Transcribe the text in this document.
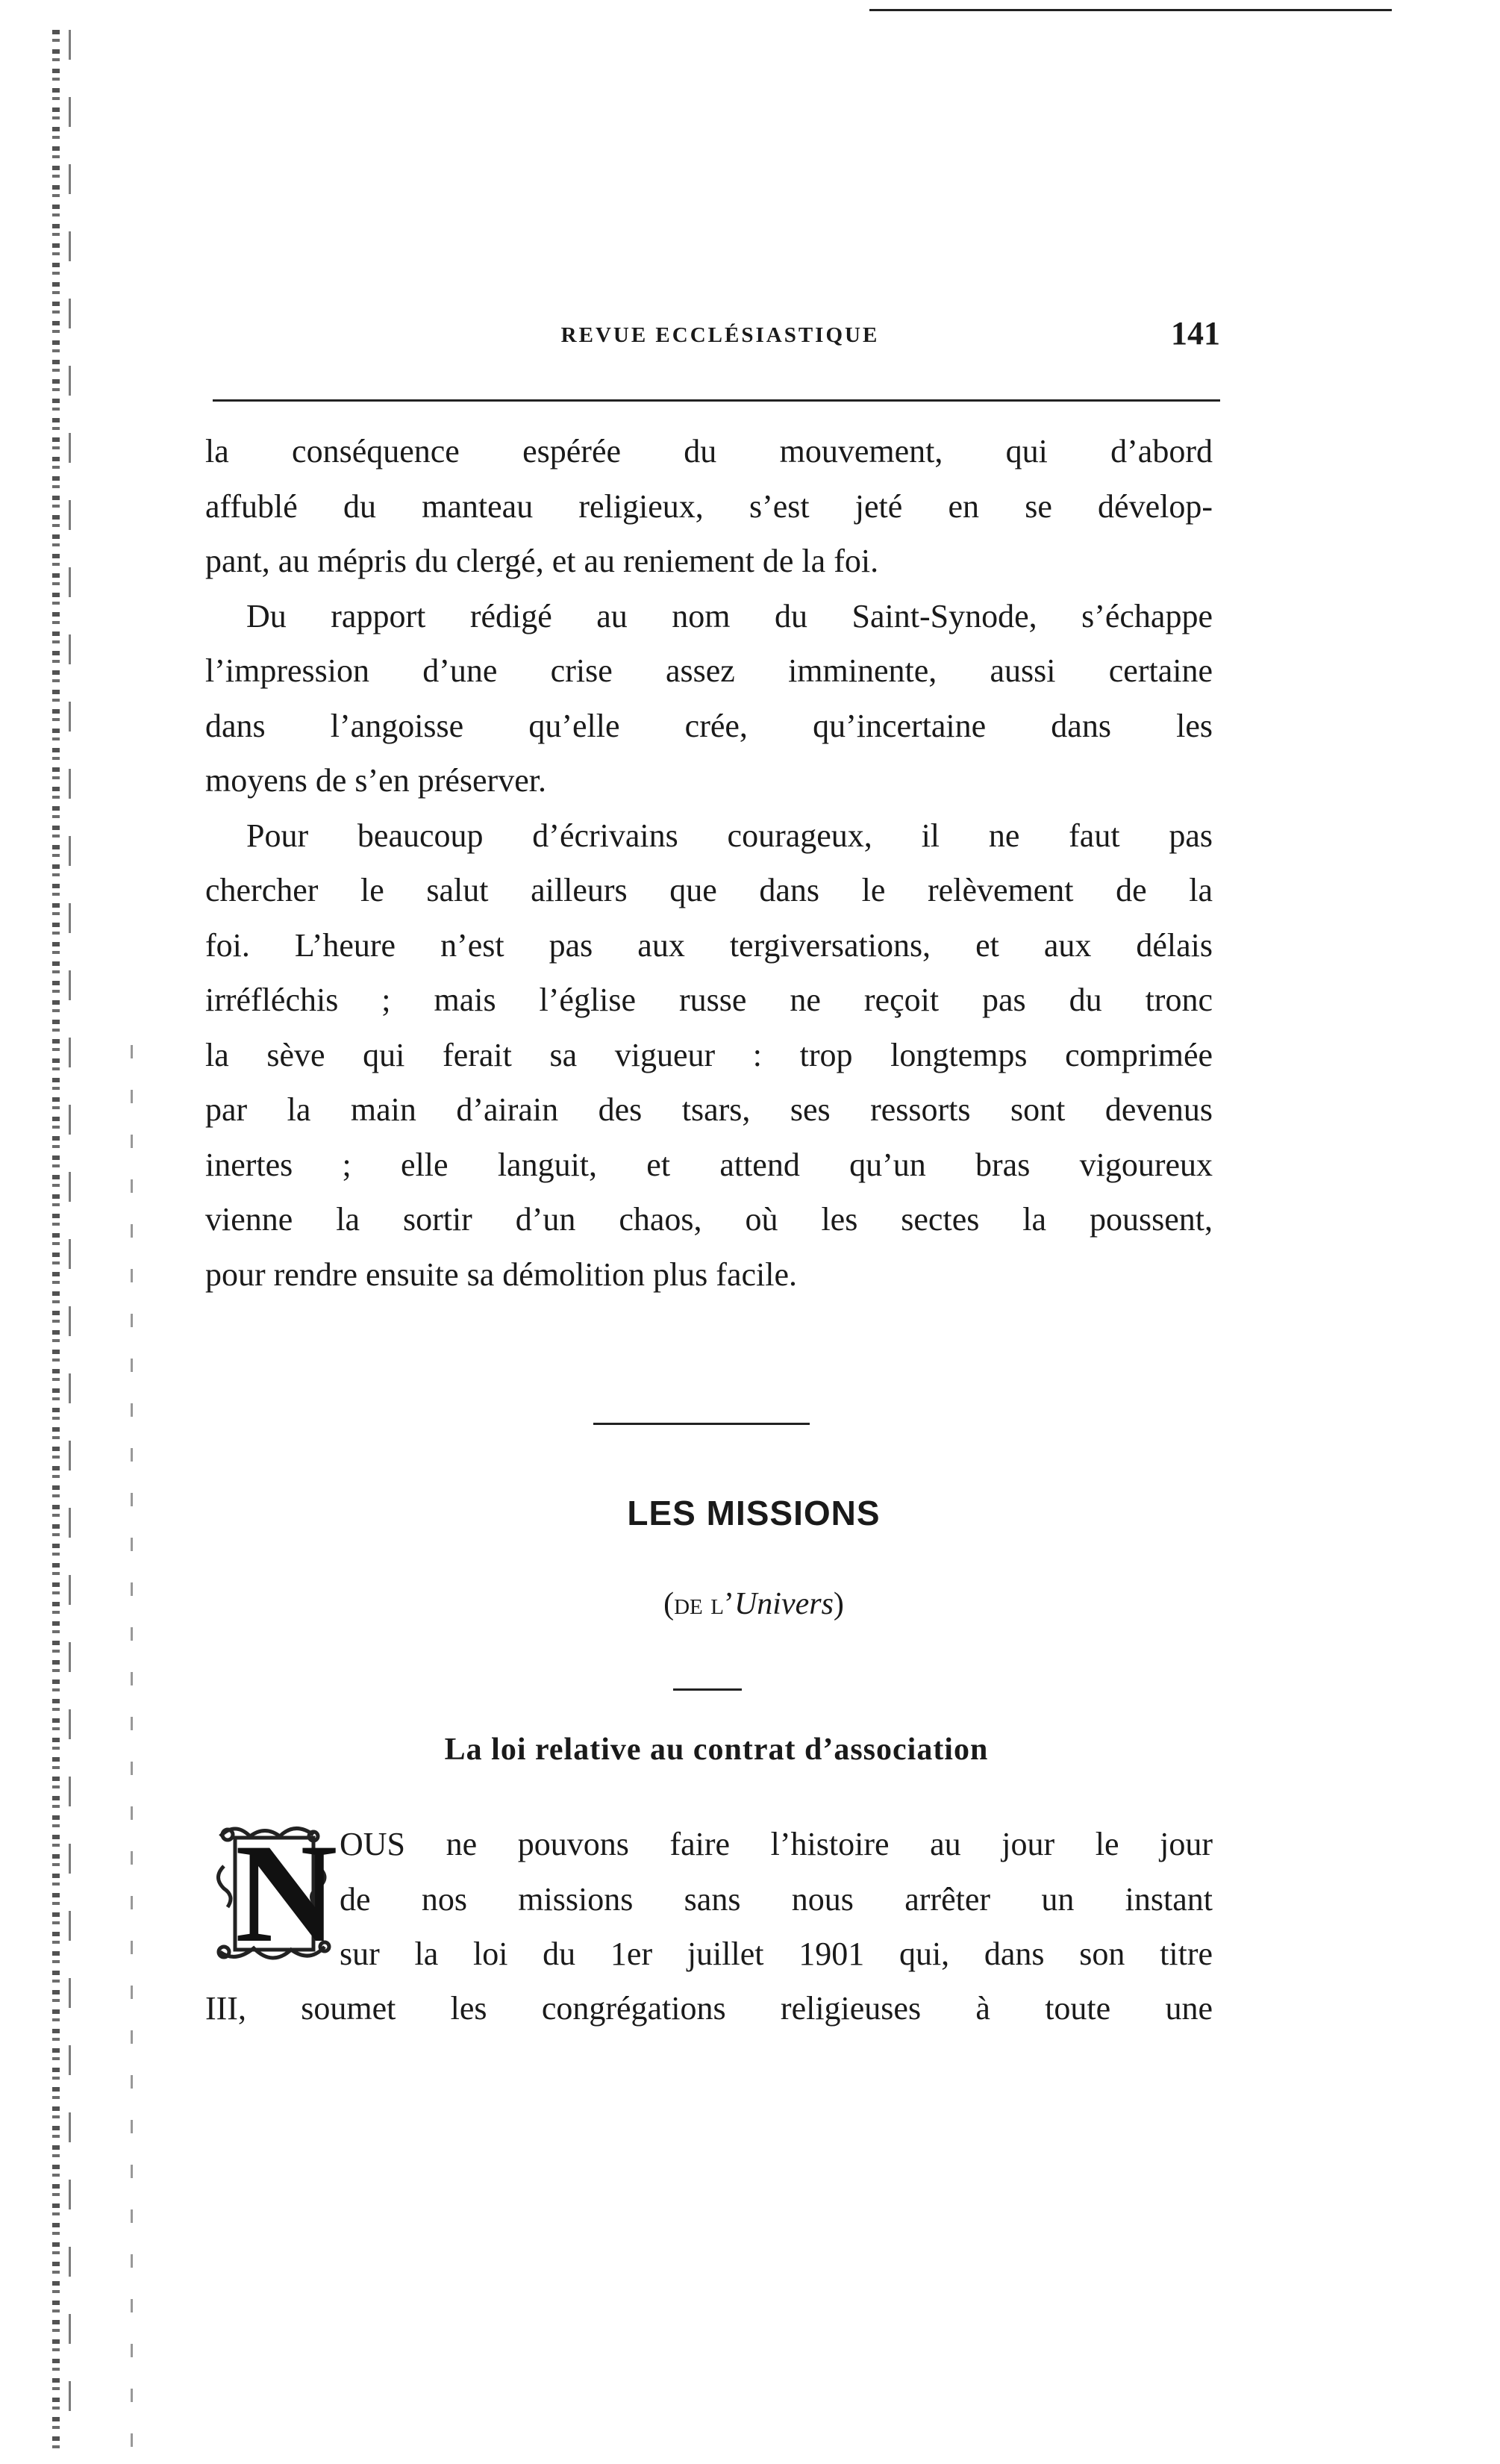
REVUE ECCLÉSIASTIQUE	141
la conséquence espérée du mouvement, qui d’abord
affublé du manteau religieux, s’est jeté en se dévelop-
pant, au mépris du clergé, et au reniement de la foi.
Du rapport rédigé au nom du Saint-Synode, s’échappe
l’impression d’une crise assez imminente, aussi certaine
dans l’angoisse qu’elle crée, qu’incertaine dans les
moyens de s’en préserver.
Pour beaucoup d’écrivains courageux, il ne faut pas
chercher le salut ailleurs que dans le relèvement de la
foi. L’heure n’est pas aux tergiversations, et aux délais
irréfléchis ; mais l’église russe ne reçoit pas du tronc
la sève qui ferait sa vigueur : trop longtemps comprimée
par la main d’airain des tsars, ses ressorts sont devenus
inertes ; elle languit, et attend qu’un bras vigoureux
vienne la sortir d’un chaos, où les sectes la poussent,
pour rendre ensuite sa démolition plus facile.
LES MISSIONS
(de l’Univers)
La loi relative au contrat d’association
N OUS ne pouvons faire l’histoire au jour le jour
de nos missions sans nous arrêter un instant
sur la loi du 1er juillet 1901 qui, dans son titre
III, soumet les congrégations religieuses à toute une
